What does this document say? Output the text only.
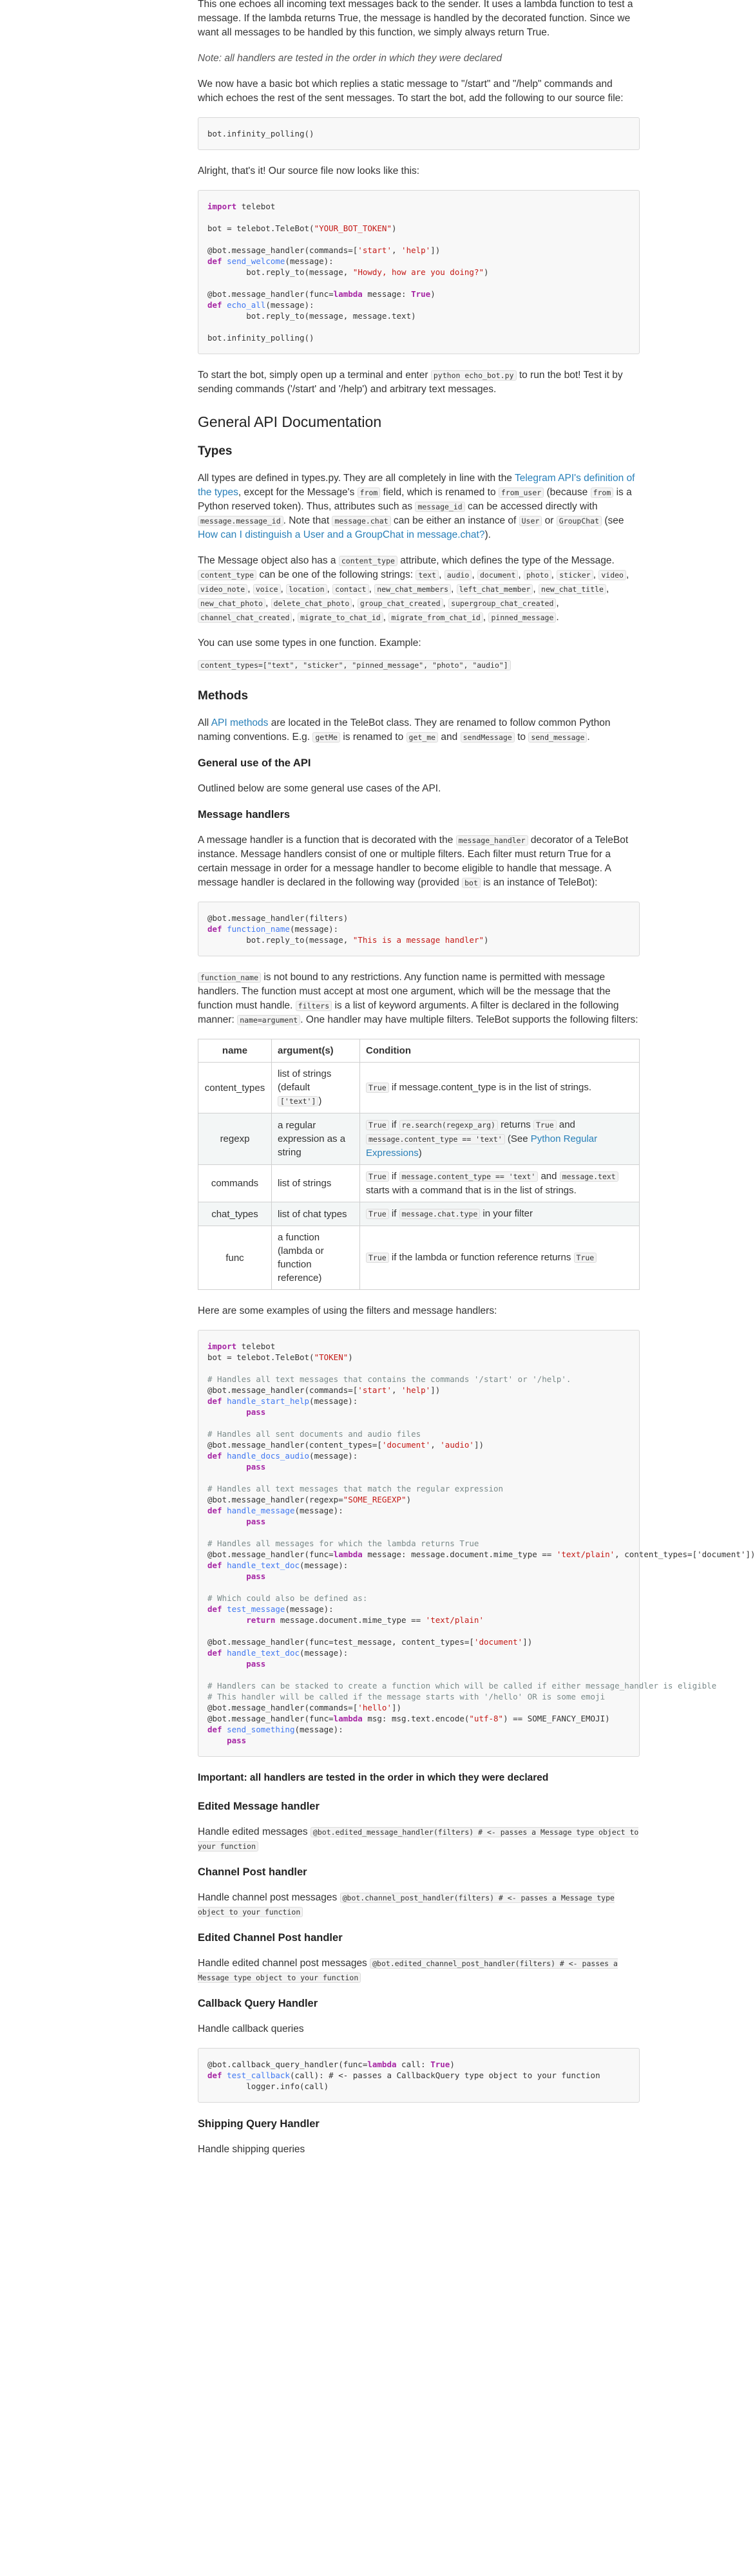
This one echoes all incoming text messages back to the sender. It uses a lambda function to test a message. If the lambda returns True, the message is handled by the decorated function. Since we want all messages to be handled by this function, we simply always return True.

Note: all handlers are tested in the order in which they were declared

We now have a basic bot which replies a static message to "/start" and "/help" commands and which echoes the rest of the sent messages. To start the bot, add the following to our source file:

bot.infinity_polling()

Alright, that's it! Our source file now looks like this:

import telebot

bot = telebot.TeleBot("YOUR_BOT_TOKEN")

@bot.message_handler(commands=['start', 'help'])
def send_welcome(message):
bot.reply_to(message, "Howdy, how are you doing?")

@bot.message_handler(func=lambda message: True)
def echo_all(message):
bot.reply_to(message, message.text)

bot.infinity_polling()

To start the bot, simply open up a terminal and enter python echo_bot.py to run the bot! Test it by sending commands ('/start' and '/help') and arbitrary text messages.

General API Documentation
Types

All types are defined in types.py. They are all completely in line with the Telegram API's definition of the types, except for the Message's from field, which is renamed to from_user (because from is a Python reserved token). Thus, attributes such as message_id can be accessed directly with message.message_id . Note that message.chat can be either an instance of User or GroupChat (see How can I distinguish a User and a GroupChat in message.chat?).

The Message object also has a content_type attribute, which defines the type of the Message. content_type can be one of the following strings: text , audio , document , photo , sticker , video , video_note , voice , location , contact , new_chat_members , left_chat_member , new_chat_title , new_chat_photo , delete_chat_photo , group_chat_created , supergroup_chat_created , channel_chat_created , migrate_to_chat_id , migrate_from_chat_id , pinned_message .

You can use some types in one function. Example:

content_types=["text", "sticker", "pinned_message", "photo", "audio"]

Methods

All API methods are located in the TeleBot class. They are renamed to follow common Python naming conventions. E.g. getMe is renamed to get_me and sendMessage to send_message .

General use of the API

Outlined below are some general use cases of the API.

Message handlers

A message handler is a function that is decorated with the message_handler decorator of a TeleBot instance. Message handlers consist of one or multiple filters. Each filter must return True for a certain message in order for a message handler to become eligible to handle that message. A message handler is declared in the following way (provided bot is an instance of TeleBot):

@bot.message_handler(filters)
def function_name(message):
bot.reply_to(message, "This is a message handler")

function_name is not bound to any restrictions. Any function name is permitted with message handlers. The function must accept at most one argument, which will be the message that the function must handle. filters is a list of keyword arguments. A filter is declared in the following manner: name=argument . One handler may have multiple filters. TeleBot supports the following filters:

name	argument(s)	Condition
content_types	list of strings (default ['text'] )	True if message.content_type is in the list of strings.
regexp	a regular expression as a string	True if re.search(regexp_arg) returns True and message.content_type == 'text' (See Python Regular Expressions)
commands	list of strings	True if message.content_type == 'text' and message.text starts with a command that is in the list of strings.
chat_types	list of chat types	True if message.chat.type in your filter
func	a function (lambda or function reference)	True if the lambda or function reference returns True

Here are some examples of using the filters and message handlers:

import telebot
bot = telebot.TeleBot("TOKEN")

# Handles all text messages that contains the commands '/start' or '/help'.
@bot.message_handler(commands=['start', 'help'])
def handle_start_help(message):
pass

# Handles all sent documents and audio files
@bot.message_handler(content_types=['document', 'audio'])
def handle_docs_audio(message):
pass

# Handles all text messages that match the regular expression
@bot.message_handler(regexp="SOME_REGEXP")
def handle_message(message):
pass

# Handles all messages for which the lambda returns True
@bot.message_handler(func=lambda message: message.document.mime_type == 'text/plain', content_types=['document'])
def handle_text_doc(message):
pass

# Which could also be defined as:
def test_message(message):
return message.document.mime_type == 'text/plain'

@bot.message_handler(func=test_message, content_types=['document'])
def handle_text_doc(message):
pass

# Handlers can be stacked to create a function which will be called if either message_handler is eligible
# This handler will be called if the message starts with '/hello' OR is some emoji
@bot.message_handler(commands=['hello'])
@bot.message_handler(func=lambda msg: msg.text.encode("utf-8") == SOME_FANCY_EMOJI)
def send_something(message):
pass

Important: all handlers are tested in the order in which they were declared

Edited Message handler

Handle edited messages @bot.edited_message_handler(filters) # <- passes a Message type object to your function

Channel Post handler

Handle channel post messages @bot.channel_post_handler(filters) # <- passes a Message type object to your function

Edited Channel Post handler

Handle edited channel post messages @bot.edited_channel_post_handler(filters) # <- passes a Message type object to your function

Callback Query Handler

Handle callback queries

@bot.callback_query_handler(func=lambda call: True)
def test_callback(call): # <- passes a CallbackQuery type object to your function
logger.info(call)
Shipping Query Handler

Handle shipping queries
